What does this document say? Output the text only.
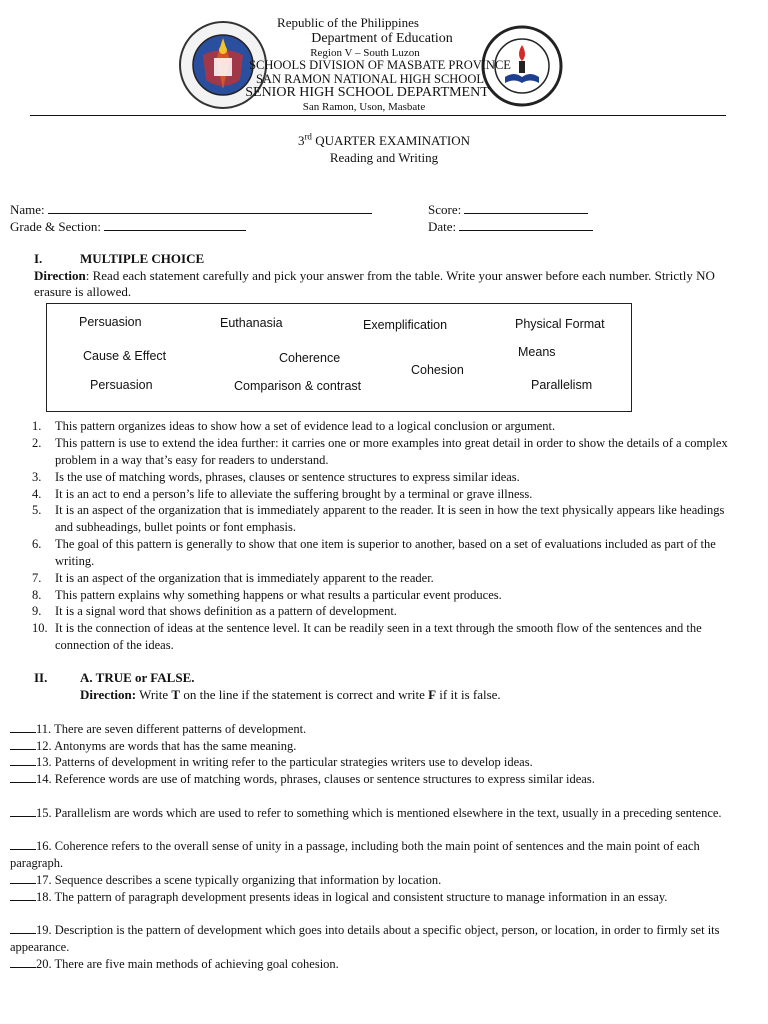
Republic of the Philippines
Department of Education
Region V – South Luzon
SCHOOLS DIVISION OF MASBATE PROVINCE
SAN RAMON NATIONAL HIGH SCHOOL
SENIOR HIGH SCHOOL DEPARTMENT
San Ramon, Uson, Masbate
3rd QUARTER EXAMINATION
Reading and Writing
Name:	Score:
Grade & Section:	Date:
I.	MULTIPLE CHOICE
Direction: Read each statement carefully and pick your answer from the table. Write your answer before each number. Strictly NO erasure is allowed.
Persuasion	Euthanasia	Exemplification	Physical Format
Cause & Effect	Coherence	Means
Cohesion
Persuasion	Comparison & contrast	Parallelism
1.	This pattern organizes ideas to show how a set of evidence lead to a logical conclusion or argument.
2.	This pattern is use to extend the idea further: it carries one or more examples into great detail in order to show the details of a complex problem in a way that’s easy for readers to understand.
3.	Is the use of matching words, phrases, clauses or sentence structures to express similar ideas.
4.	It is an act to end a person’s life to alleviate the suffering brought by a terminal or grave illness.
5.	It is an aspect of the organization that is immediately apparent to the reader. It is seen in how the text physically appears like headings and subheadings, bullet points or font emphasis.
6.	The goal of this pattern is generally to show that one item is superior to another, based on a set of evaluations included as part of the writing.
7.	It is an aspect of the organization that is immediately apparent to the reader.
8.	This pattern explains why something happens or what results a particular event produces.
9.	It is a signal word that shows definition as a pattern of development.
10. It is the connection of ideas at the sentence level. It can be readily seen in a text through the smooth flow of the sentences and the connection of the ideas.
II.	A. TRUE or FALSE.
Direction: Write T on the line if the statement is correct and write F if it is false.
11. There are seven different patterns of development.
12. Antonyms are words that has the same meaning.
13. Patterns of development in writing refer to the particular strategies writers use to develop ideas.
14. Reference words are use of matching words, phrases, clauses or sentence structures to express similar ideas.
15. Parallelism are words which are used to refer to something which is mentioned elsewhere in the text, usually in a preceding sentence.
16. Coherence refers to the overall sense of unity in a passage, including both the main point of sentences and the main point of each paragraph.
17. Sequence describes a scene typically organizing that information by location.
18. The pattern of paragraph development presents ideas in logical and consistent structure to manage information in an essay.
19. Description is the pattern of development which goes into details about a specific object, person, or location, in order to firmly set its appearance.
20. There are five main methods of achieving goal cohesion.
